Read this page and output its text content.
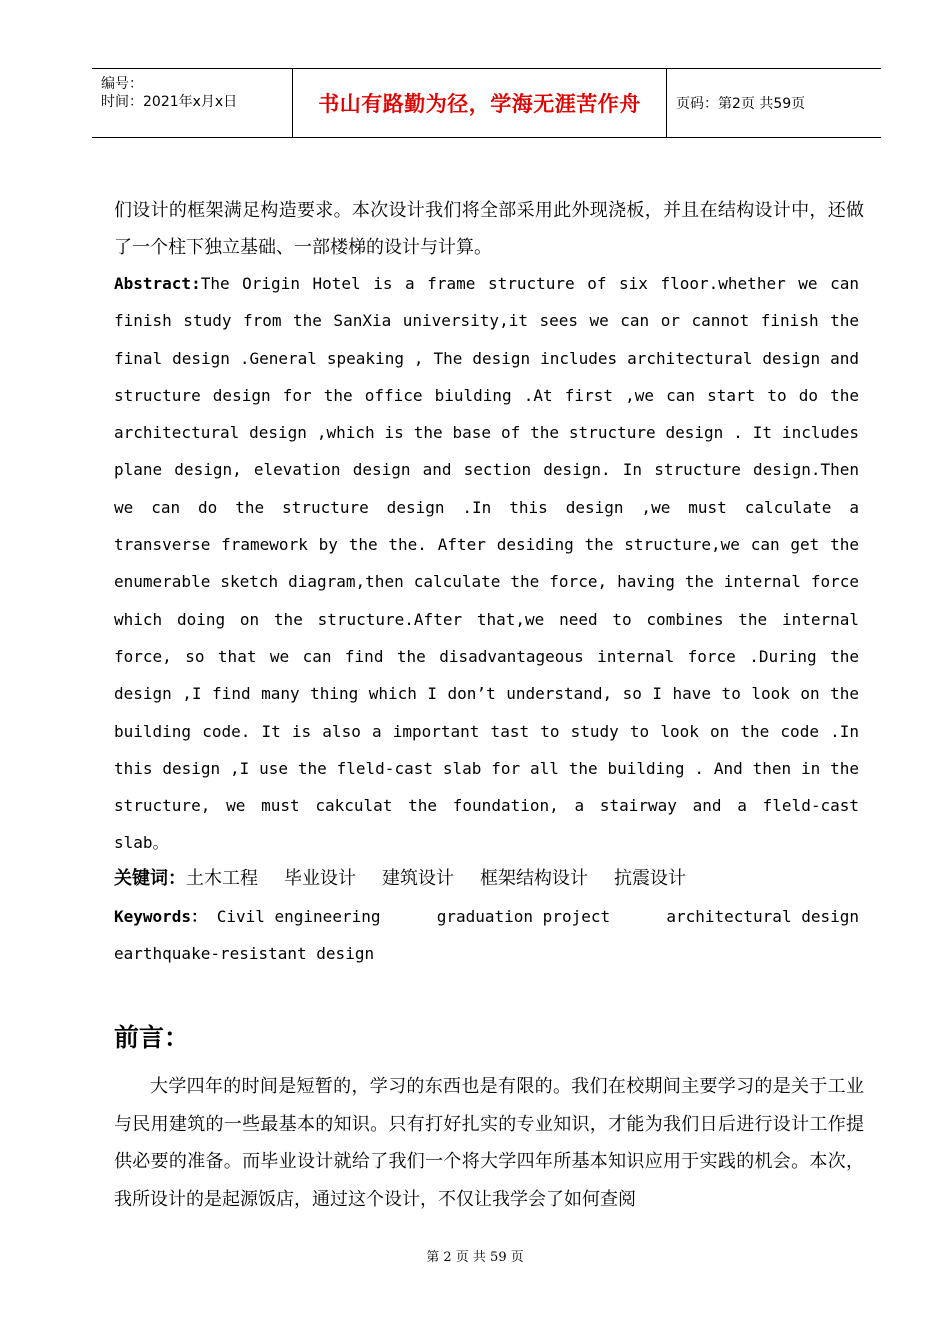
编号：
时间：2021年x月x日	书山有路勤为径，学海无涯苦作舟	页码：第2页 共59页
们设计的框架满足构造要求。本次设计我们将全部采用此外现浇板，并且在结构设计中，还做了一个柱下独立基础、一部楼梯的设计与计算。
Abstract:The Origin Hotel is a frame structure of six floor.whether we can finish study from the SanXia university,it sees we can or cannot finish the final design .General speaking , The design includes architectural design and structure design for the office biulding .At first ,we can start to do the architectural design ,which is the base of the structure design . It includes plane design, elevation design and section design. In structure design.Then we can do the structure design .In this design ,we must calculate a transverse framework by the the. After desiding the structure,we can get the enumerable sketch diagram,then calculate the force, having the internal force which doing on the structure.After that,we need to combines the internal force, so that we can find the disadvantageous internal force .During the design ,I find many thing which I don’t understand, so I have to look on the building code. It is also a important tast to study to look on the code .In this design ,I use the fleld-cast slab for all the building . And then in the structure, we must cakculat the foundation, a stairway and a fleld-cast slab。
关键词：土木工程 毕业设计 建筑设计 框架结构设计 抗震设计
Keywords： Civil engineering	graduation project	architectural design
earthquake-resistant design
前言：
大学四年的时间是短暂的，学习的东西也是有限的。我们在校期间主要学习的是关于工业与民用建筑的一些最基本的知识。只有打好扎实的专业知识，才能为我们日后进行设计工作提供必要的准备。而毕业设计就给了我们一个将大学四年所基本知识应用于实践的机会。本次，我所设计的是起源饭店，通过这个设计，不仅让我学会了如何查阅
第 2 页 共 59 页
